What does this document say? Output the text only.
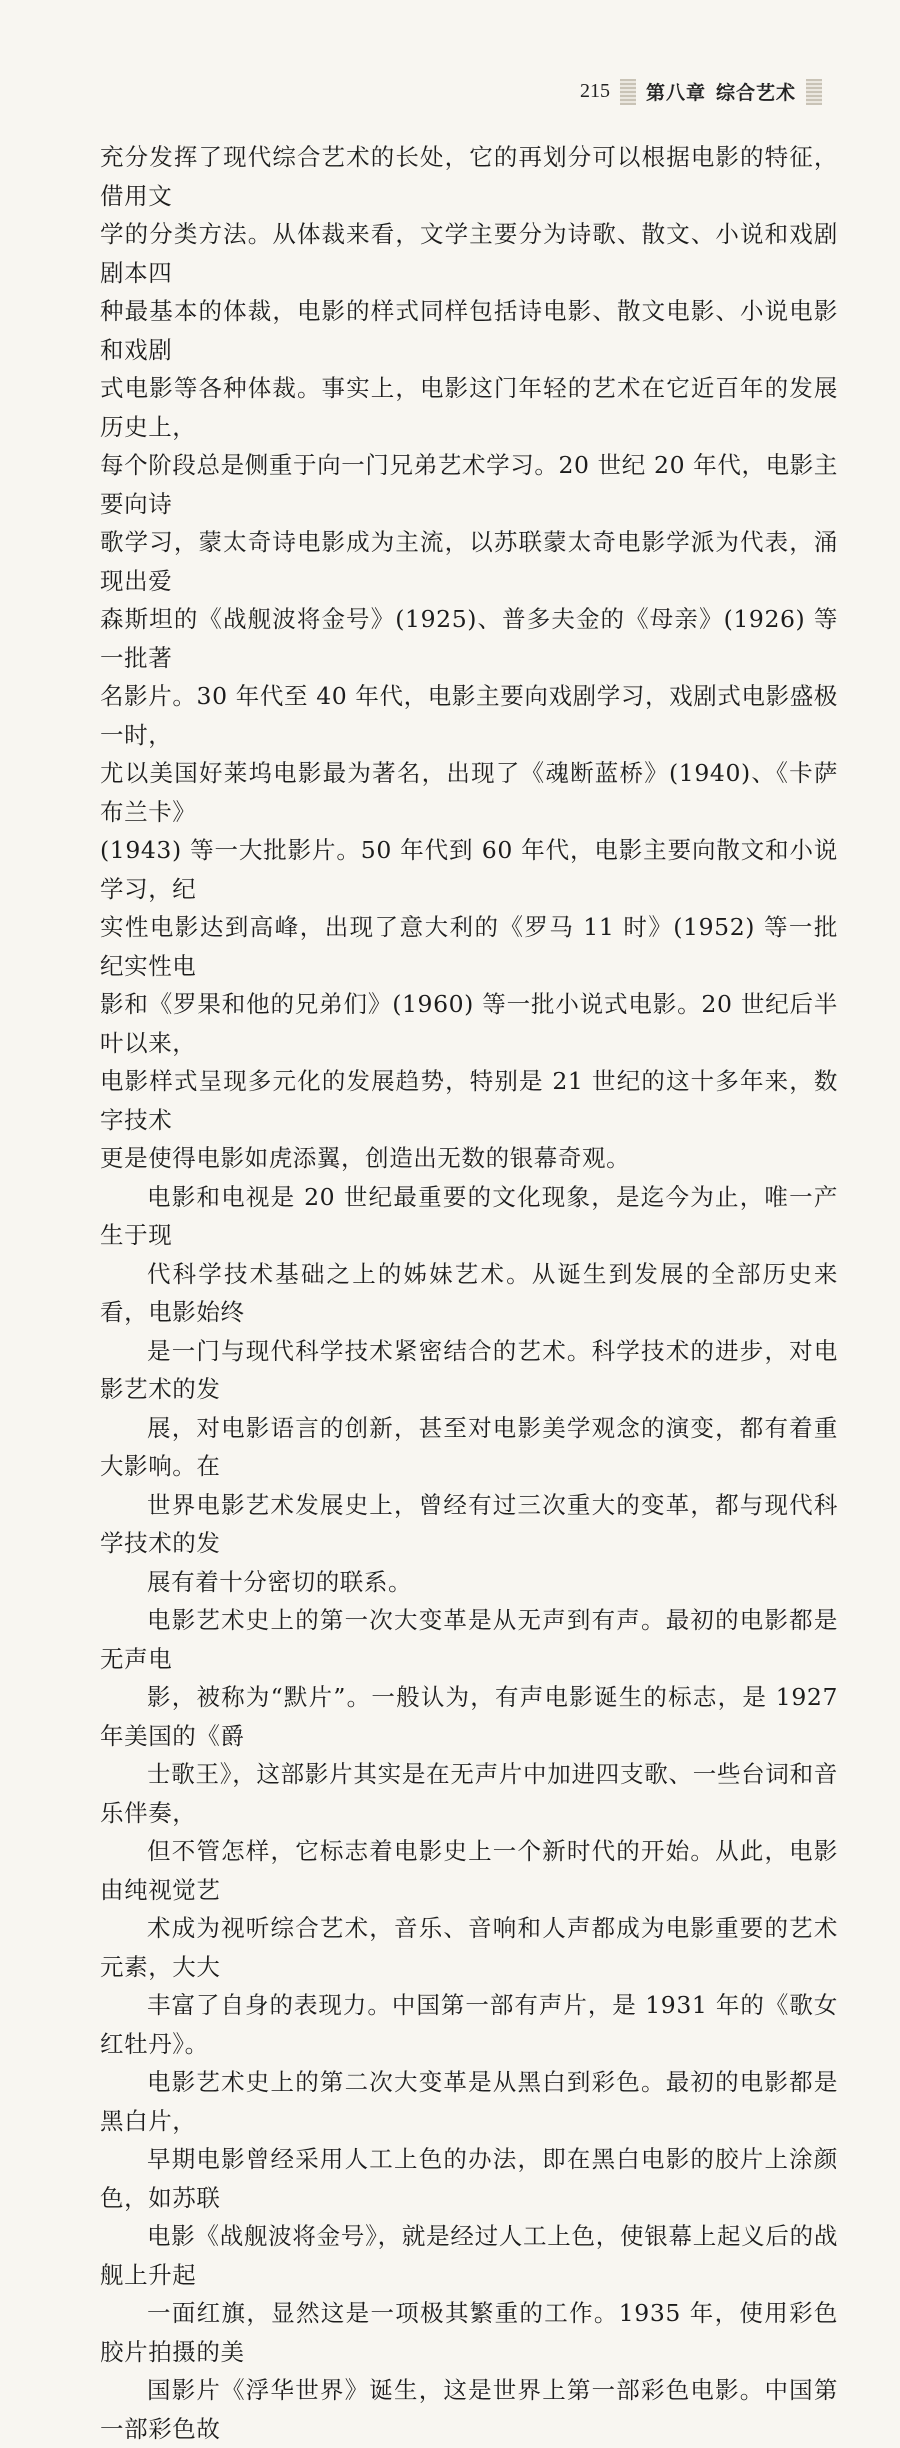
215 第八章 综合艺术

充分发挥了现代综合艺术的长处，它的再划分可以根据电影的特征，借用文
学的分类方法。从体裁来看，文学主要分为诗歌、散文、小说和戏剧剧本四
种最基本的体裁，电影的样式同样包括诗电影、散文电影、小说电影和戏剧
式电影等各种体裁。事实上，电影这门年轻的艺术在它近百年的发展历史上，
每个阶段总是侧重于向一门兄弟艺术学习。20 世纪 20 年代，电影主要向诗
歌学习，蒙太奇诗电影成为主流，以苏联蒙太奇电影学派为代表，涌现出爱
森斯坦的《战舰波将金号》(1925)、普多夫金的《母亲》(1926) 等一批著
名影片。30 年代至 40 年代，电影主要向戏剧学习，戏剧式电影盛极一时，
尤以美国好莱坞电影最为著名，出现了《魂断蓝桥》(1940)、《卡萨布兰卡》
(1943) 等一大批影片。50 年代到 60 年代，电影主要向散文和小说学习，纪
实性电影达到高峰，出现了意大利的《罗马 11 时》(1952) 等一批纪实性电
影和《罗果和他的兄弟们》(1960) 等一批小说式电影。20 世纪后半叶以来，
电影样式呈现多元化的发展趋势，特别是 21 世纪的这十多年来，数字技术
更是使得电影如虎添翼，创造出无数的银幕奇观。

电影和电视是 20 世纪最重要的文化现象，是迄今为止，唯一产生于现
代科学技术基础之上的姊妹艺术。从诞生到发展的全部历史来看，电影始终
是一门与现代科学技术紧密结合的艺术。科学技术的进步，对电影艺术的发
展，对电影语言的创新，甚至对电影美学观念的演变，都有着重大影响。在
世界电影艺术发展史上，曾经有过三次重大的变革，都与现代科学技术的发
展有着十分密切的联系。

电影艺术史上的第一次大变革是从无声到有声。最初的电影都是无声电
影，被称为“默片”。一般认为，有声电影诞生的标志，是 1927 年美国的《爵
士歌王》，这部影片其实是在无声片中加进四支歌、一些台词和音乐伴奏，
但不管怎样，它标志着电影史上一个新时代的开始。从此，电影由纯视觉艺
术成为视听综合艺术，音乐、音响和人声都成为电影重要的艺术元素，大大
丰富了自身的表现力。中国第一部有声片，是 1931 年的《歌女红牡丹》。

电影艺术史上的第二次大变革是从黑白到彩色。最初的电影都是黑白片，
早期电影曾经采用人工上色的办法，即在黑白电影的胶片上涂颜色，如苏联
电影《战舰波将金号》，就是经过人工上色，使银幕上起义后的战舰上升起
一面红旗，显然这是一项极其繁重的工作。1935 年，使用彩色胶片拍摄的美
国影片《浮华世界》诞生，这是世界上第一部彩色电影。中国第一部彩色故
